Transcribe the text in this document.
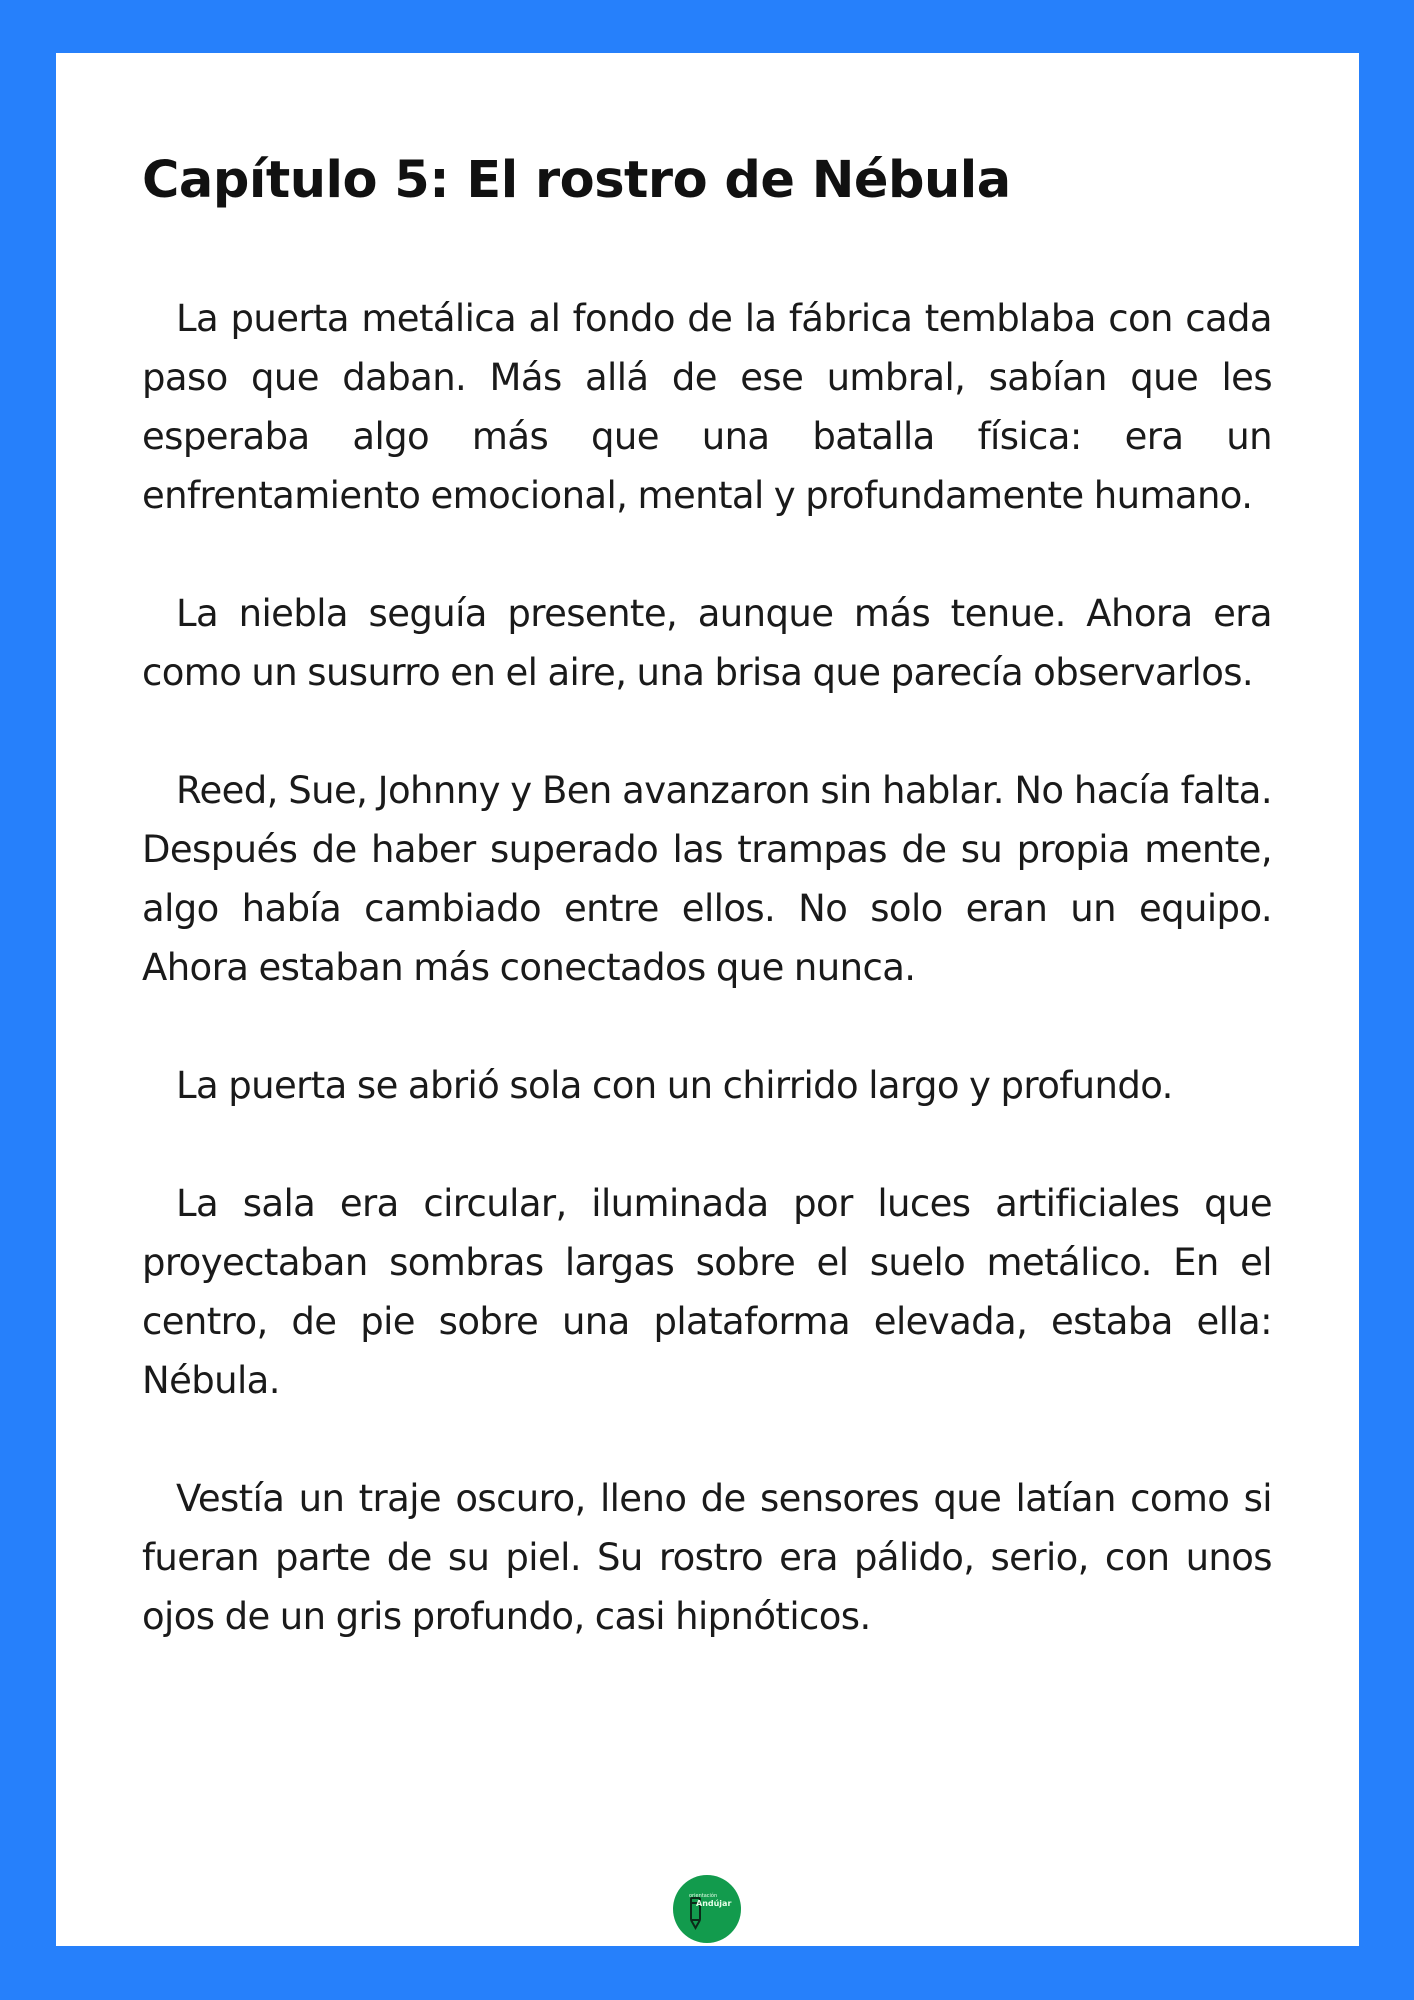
Capítulo 5: El rostro de Nébula

La puerta metálica al fondo de la fábrica temblaba con cada paso que daban. Más allá de ese umbral, sabían que les esperaba algo más que una batalla física: era un enfrentamiento emocional, mental y profundamente humano.

La niebla seguía presente, aunque más tenue. Ahora era como un susurro en el aire, una brisa que parecía observarlos.

Reed, Sue, Johnny y Ben avanzaron sin hablar. No hacía falta. Después de haber superado las trampas de su propia mente, algo había cambiado entre ellos. No solo eran un equipo. Ahora estaban más conectados que nunca.

La puerta se abrió sola con un chirrido largo y profundo.

La sala era circular, iluminada por luces artificiales que proyectaban sombras largas sobre el suelo metálico. En el centro, de pie sobre una plataforma elevada, estaba ella: Nébula.

Vestía un traje oscuro, lleno de sensores que latían como si fueran parte de su piel. Su rostro era pálido, serio, con unos ojos de un gris profundo, casi hipnóticos.

orientación
Andújar
